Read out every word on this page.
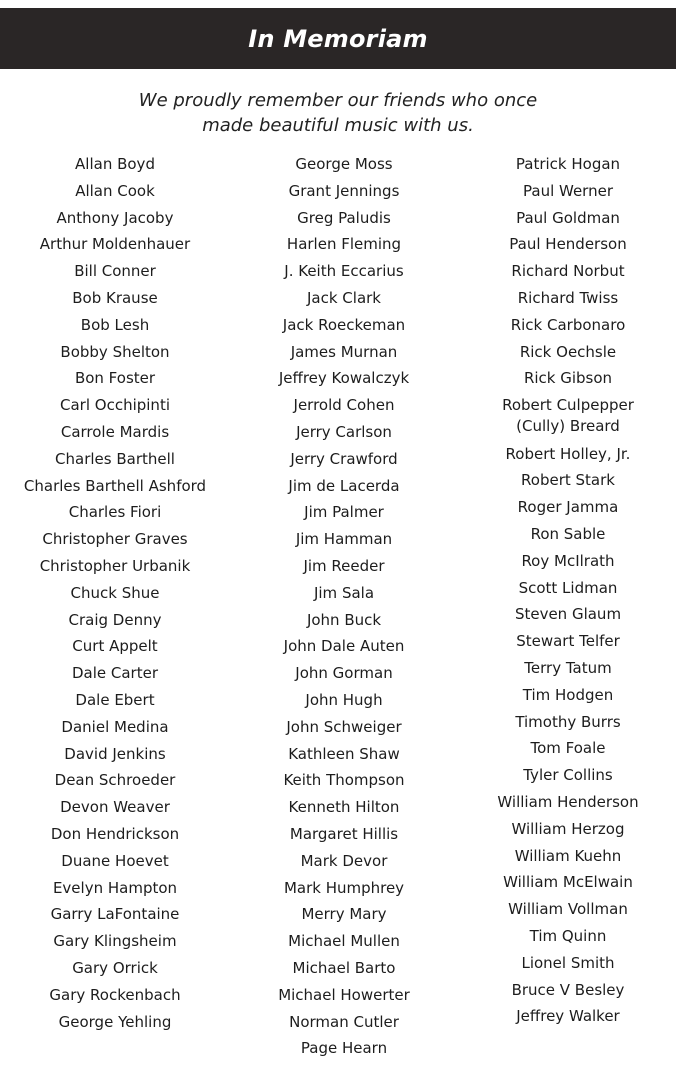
In Memoriam
We proudly remember our friends who once
made beautiful music with us.
Allan Boyd
Allan Cook
Anthony Jacoby
Arthur Moldenhauer
Bill Conner
Bob Krause
Bob Lesh
Bobby Shelton
Bon Foster
Carl Occhipinti
Carrole Mardis
Charles Barthell
Charles Barthell Ashford
Charles Fiori
Christopher Graves
Christopher Urbanik
Chuck Shue
Craig Denny
Curt Appelt
Dale Carter
Dale Ebert
Daniel Medina
David Jenkins
Dean Schroeder
Devon Weaver
Don Hendrickson
Duane Hoevet
Evelyn Hampton
Garry LaFontaine
Gary Klingsheim
Gary Orrick
Gary Rockenbach
George Yehling
George Moss
Grant Jennings
Greg Paludis
Harlen Fleming
J. Keith Eccarius
Jack Clark
Jack Roeckeman
James Murnan
Jeffrey Kowalczyk
Jerrold Cohen
Jerry Carlson
Jerry Crawford
Jim de Lacerda
Jim Palmer
Jim Hamman
Jim Reeder
Jim Sala
John Buck
John Dale Auten
John Gorman
John Hugh
John Schweiger
Kathleen Shaw
Keith Thompson
Kenneth Hilton
Margaret Hillis
Mark Devor
Mark Humphrey
Merry Mary
Michael Mullen
Michael Barto
Michael Howerter
Norman Cutler
Page Hearn
Patrick Hogan
Paul Werner
Paul Goldman
Paul Henderson
Richard Norbut
Richard Twiss
Rick Carbonaro
Rick Oechsle
Rick Gibson
Robert Culpepper
(Cully) Breard
Robert Holley, Jr.
Robert Stark
Roger Jamma
Ron Sable
Roy McIlrath
Scott Lidman
Steven Glaum
Stewart Telfer
Terry Tatum
Tim Hodgen
Timothy Burrs
Tom Foale
Tyler Collins
William Henderson
William Herzog
William Kuehn
William McElwain
William Vollman
Tim Quinn
Lionel Smith
Bruce V Besley
Jeffrey Walker
